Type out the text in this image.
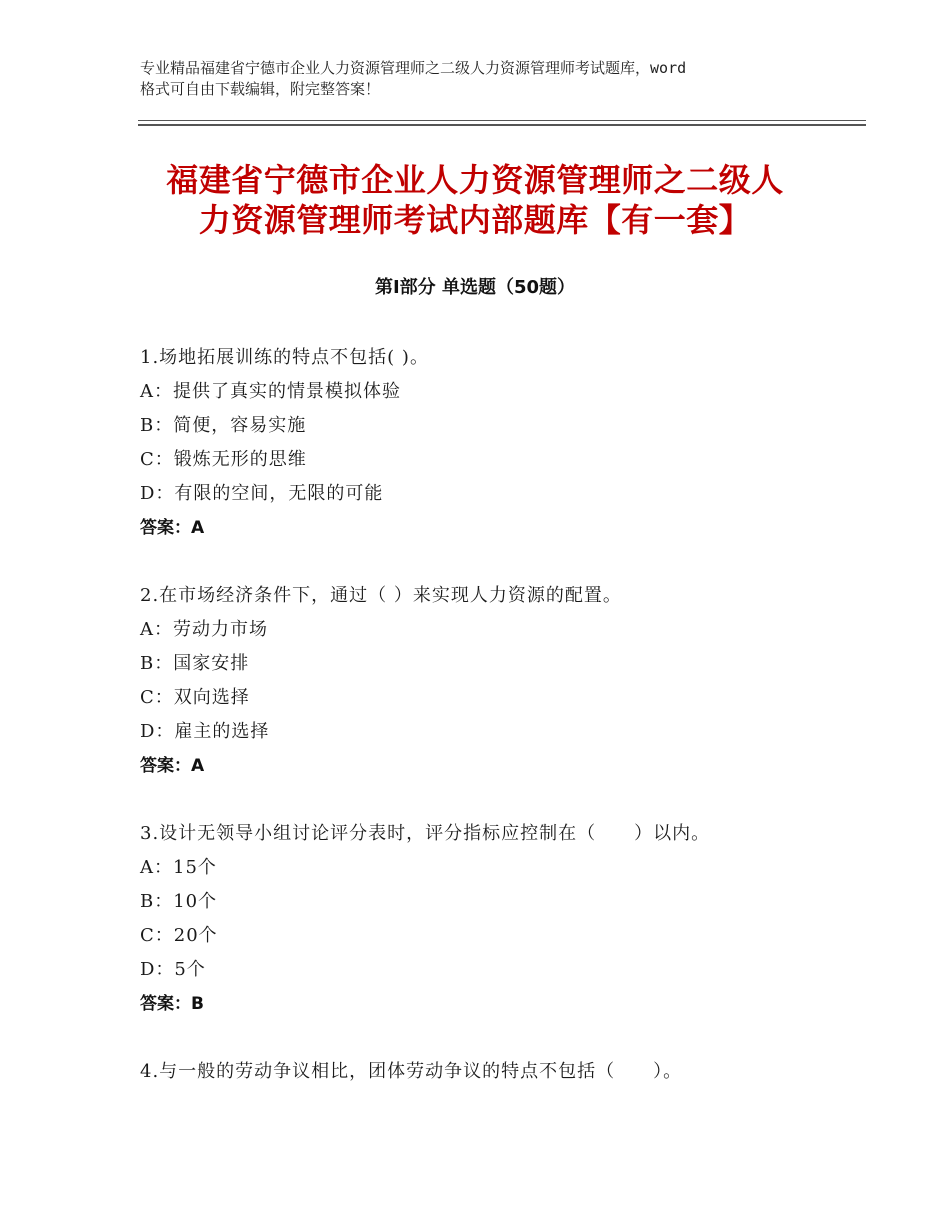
专业精品福建省宁德市企业人力资源管理师之二级人力资源管理师考试题库，word
格式可自由下载编辑，附完整答案！
福建省宁德市企业人力资源管理师之二级人
力资源管理师考试内部题库【有一套】
第Ⅰ部分 单选题（50题）
1.场地拓展训练的特点不包括( )。
A：提供了真实的情景模拟体验
B：简便，容易实施
C：锻炼无形的思维
D：有限的空间，无限的可能
答案：A
2.在市场经济条件下，通过（ ）来实现人力资源的配置。
A：劳动力市场
B：国家安排
C：双向选择
D：雇主的选择
答案：A
3.设计无领导小组讨论评分表时，评分指标应控制在（　　）以内。
A：15个
B：10个
C：20个
D：5个
答案：B
4.与一般的劳动争议相比，团体劳动争议的特点不包括（　　）。
